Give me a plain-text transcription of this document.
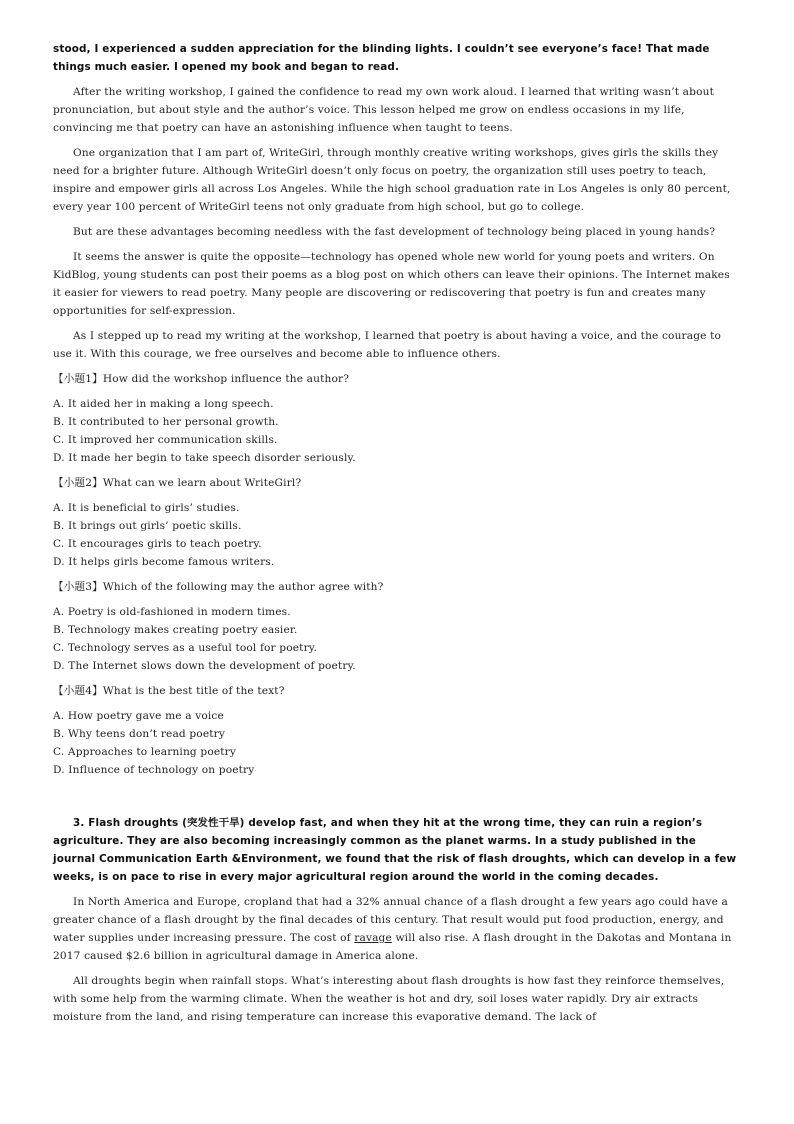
stood, I experienced a sudden appreciation for the blinding lights. I couldn’t see everyone’s face! That made things much easier. I opened my book and began to read.

After the writing workshop, I gained the confidence to read my own work aloud. I learned that writing wasn’t about pronunciation, but about style and the author’s voice. This lesson helped me grow on endless occasions in my life, convincing me that poetry can have an astonishing influence when taught to teens.

One organization that I am part of, WriteGirl, through monthly creative writing workshops, gives girls the skills they need for a brighter future. Although WriteGirl doesn’t only focus on poetry, the organization still uses poetry to teach, inspire and empower girls all across Los Angeles. While the high school graduation rate in Los Angeles is only 80 percent, every year 100 percent of WriteGirl teens not only graduate from high school, but go to college.

But are these advantages becoming needless with the fast development of technology being placed in young hands?

It seems the answer is quite the opposite—technology has opened whole new world for young poets and writers. On KidBlog, young students can post their poems as a blog post on which others can leave their opinions. The Internet makes it easier for viewers to read poetry. Many people are discovering or rediscovering that poetry is fun and creates many opportunities for self-expression.

As I stepped up to read my writing at the workshop, I learned that poetry is about having a voice, and the courage to use it. With this courage, we free ourselves and become able to influence others.

【小题1】How did the workshop influence the author?

A. It aided her in making a long speech.

B. It contributed to her personal growth.

C. It improved her communication skills.

D. It made her begin to take speech disorder seriously.

【小题2】What can we learn about WriteGirl?

A. It is beneficial to girls’ studies.

B. It brings out girls’ poetic skills.

C. It encourages girls to teach poetry.

D. It helps girls become famous writers.

【小题3】Which of the following may the author agree with?

A. Poetry is old-fashioned in modern times.

B. Technology makes creating poetry easier.

C. Technology serves as a useful tool for poetry.

D. The Internet slows down the development of poetry.

【小题4】What is the best title of the text?

A. How poetry gave me a voice

B. Why teens don’t read poetry

C. Approaches to learning poetry

D. Influence of technology on poetry

3. Flash droughts (突发性干旱) develop fast, and when they hit at the wrong time, they can ruin a region’s agriculture. They are also becoming increasingly common as the planet warms. In a study published in the journal Communication Earth &Environment, we found that the risk of flash droughts, which can develop in a few weeks, is on pace to rise in every major agricultural region around the world in the coming decades.

In North America and Europe, cropland that had a 32% annual chance of a flash drought a few years ago could have a greater chance of a flash drought by the final decades of this century. That result would put food production, energy, and water supplies under increasing pressure. The cost of ravage will also rise. A flash drought in the Dakotas and Montana in 2017 caused $2.6 billion in agricultural damage in America alone.

All droughts begin when rainfall stops. What’s interesting about flash droughts is how fast they reinforce themselves, with some help from the warming climate. When the weather is hot and dry, soil loses water rapidly. Dry air extracts moisture from the land, and rising temperature can increase this evaporative demand. The lack of
